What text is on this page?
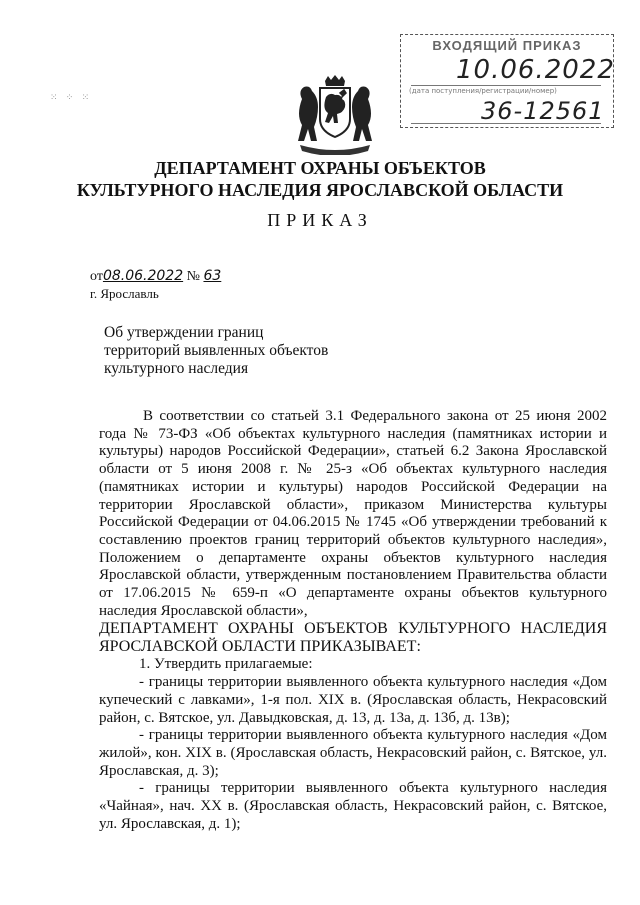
ВХОДЯЩИЙ ПРИКАЗ
10.06.2022
(дата поступления/регистрации/номер)
36-12561
⁙ ⁘ ⁙
ДЕПАРТАМЕНТ ОХРАНЫ ОБЪЕКТОВ
КУЛЬТУРНОГО НАСЛЕДИЯ ЯРОСЛАВСКОЙ ОБЛАСТИ
ПРИКАЗ
от08.06.2022 № 63
г. Ярославль
Об утверждении границ
территорий выявленных объектов
культурного наследия

В соответствии со статьей 3.1 Федерального закона от 25 июня 2002 года № 73-ФЗ «Об объектах культурного наследия (памятниках истории и культуры) народов Российской Федерации», статьей 6.2 Закона Ярославской области от 5 июня 2008 г. № 25-з «Об объектах культурного наследия (памятниках истории и культуры) народов Российской Федерации на территории Ярославской области», приказом Министерства культуры Российской Федерации от 04.06.2015 № 1745 «Об утверждении требований к составлению проектов границ территорий объектов культурного наследия», Положением о департаменте охраны объектов культурного наследия Ярославской области, утвержденным постановлением Правительства области от 17.06.2015 № 659-п «О департаменте охраны объектов культурного наследия Ярославской области»,

ДЕПАРТАМЕНТ ОХРАНЫ ОБЪЕКТОВ КУЛЬТУРНОГО НАСЛЕДИЯ ЯРОСЛАВСКОЙ ОБЛАСТИ ПРИКАЗЫВАЕТ:

1. Утвердить прилагаемые:

- границы территории выявленного объекта культурного наследия «Дом купеческий с лавками», 1-я пол. XIX в. (Ярославская область, Некрасовский район, с. Вятское, ул. Давыдковская, д. 13, д. 13а, д. 13б, д. 13в);

- границы территории выявленного объекта культурного наследия «Дом жилой», кон. XIX в. (Ярославская область, Некрасовский район, с. Вятское, ул. Ярославская, д. 3);

- границы территории выявленного объекта культурного наследия «Чайная», нач. XX в. (Ярославская область, Некрасовский район, с. Вятское, ул. Ярославская, д. 1);
